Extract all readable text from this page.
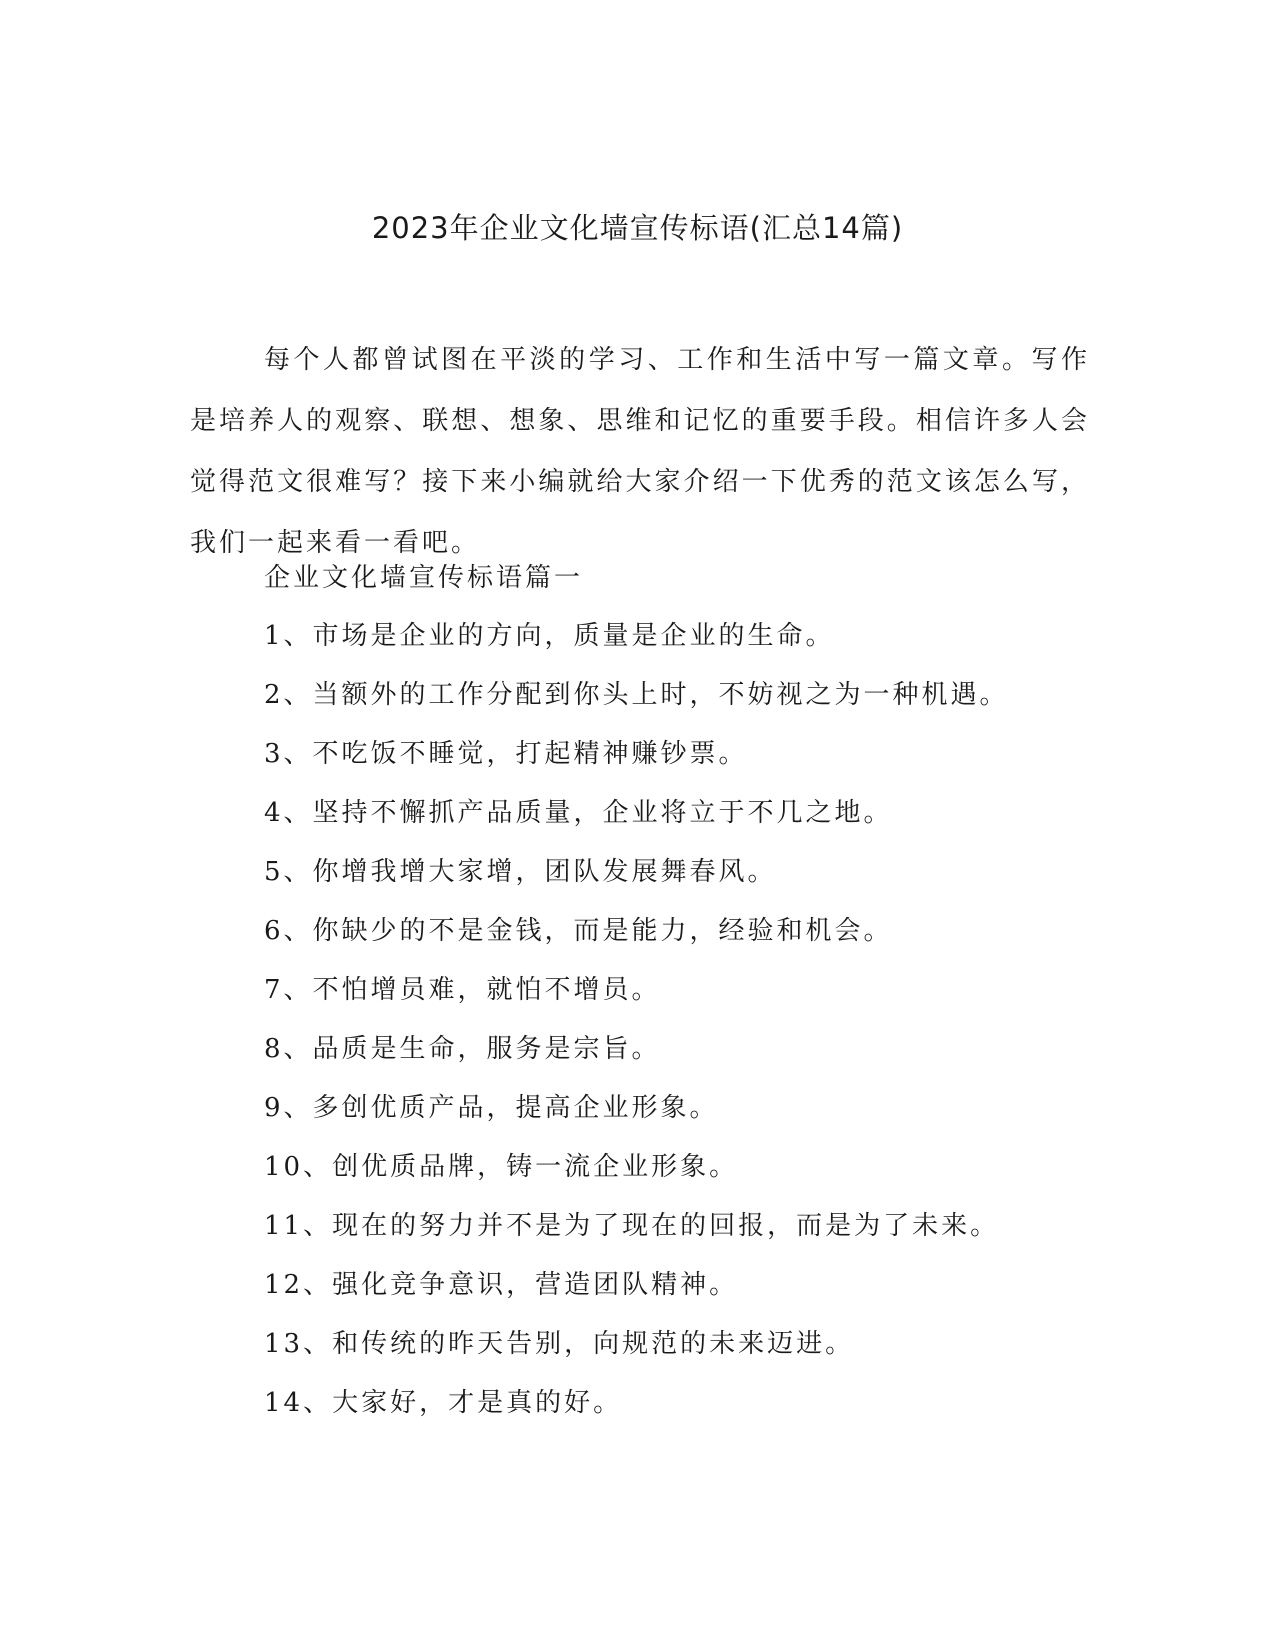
2023年企业文化墙宣传标语(汇总14篇)

每个人都曾试图在平淡的学习、工作和生活中写一篇文章。写作是培养人的观察、联想、想象、思维和记忆的重要手段。相信许多人会觉得范文很难写？接下来小编就给大家介绍一下优秀的范文该怎么写，我们一起来看一看吧。

企业文化墙宣传标语篇一
1、市场是企业的方向，质量是企业的生命。
2、当额外的工作分配到你头上时，不妨视之为一种机遇。
3、不吃饭不睡觉，打起精神赚钞票。
4、坚持不懈抓产品质量，企业将立于不几之地。
5、你增我增大家增，团队发展舞春风。
6、你缺少的不是金钱，而是能力，经验和机会。
7、不怕增员难，就怕不增员。
8、品质是生命，服务是宗旨。
9、多创优质产品，提高企业形象。
10、创优质品牌，铸一流企业形象。
11、现在的努力并不是为了现在的回报，而是为了未来。
12、强化竞争意识，营造团队精神。
13、和传统的昨天告别，向规范的未来迈进。
14、大家好，才是真的好。
